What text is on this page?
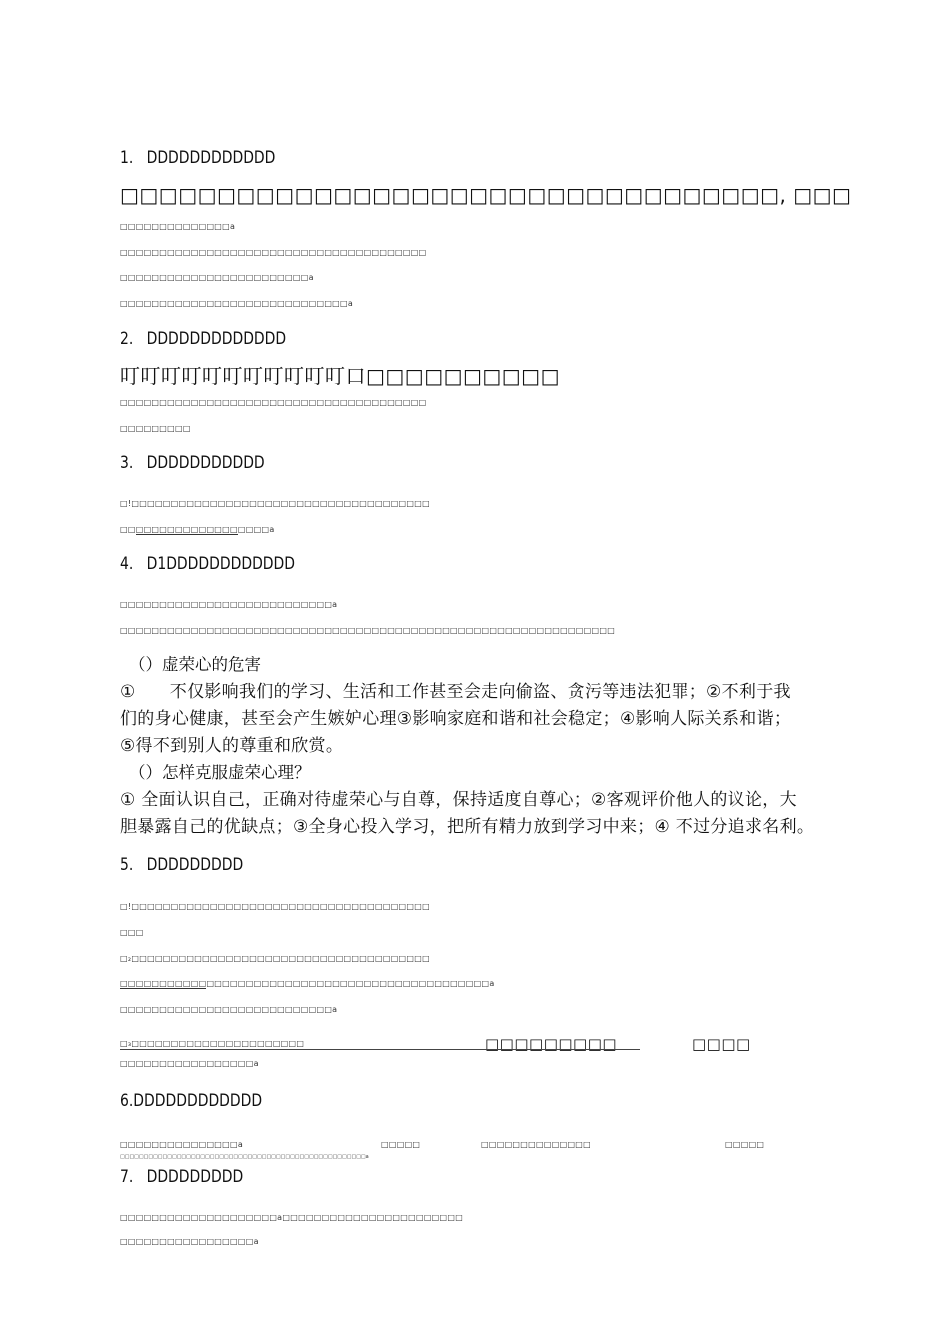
1.   DDDDDDDDDDDD
□□□□□□□□□□□□□□□□□□□□□□□□□□□□□□□□□□, □□□
□□□□□□□□□□□□□□a
□□□□□□□□□□□□□□□□□□□□□□□□□□□□□□□□□□□□□□□
□□□□□□□□□□□□□□□□□□□□□□□□a
□□□□□□□□□□□□□□□□□□□□□□□□□□□□□a
2.   DDDDDDDDDDDDD
叮叮叮叮叮叮叮叮叮叮叮口□□□□□□□□□□
□□□□□□□□□□□□□□□□□□□□□□□□□□□□□□□□□□□□□□□
□□□□□□□□□
3.   DDDDDDDDDDD
□!□□□□□□□□□□□□□□□□□□□□□□□□□□□□□□□□□□□□□□
□□□□□□□□□□□□□□□□□□□a
4.   D1DDDDDDDDDDDD
□□□□□□□□□□□□□□□□□□□□□□□□□□□a
□□□□□□□□□□□□□□□□□□□□□□□□□□□□□□□□□□□□□□□□□□□□□□□□□□□□□□□□□□□□□□□
（）虚荣心的危害
①      不仅影响我们的学习、生活和工作甚至会走向偷盗、贪污等违法犯罪；②不利于我
们的身心健康，甚至会产生嫉妒心理③影响家庭和谐和社会稳定；④影响人际关系和谐；
⑤得不到别人的尊重和欣赏。
（）怎样克服虚荣心理？
① 全面认识自己，正确对待虚荣心与自尊，保持适度自尊心；②客观评价他人的议论，大
胆暴露自己的优缺点；③全身心投入学习，把所有精力放到学习中来；④ 不过分追求名利。
5.   DDDDDDDDD
□!□□□□□□□□□□□□□□□□□□□□□□□□□□□□□□□□□□□□□□
□□□
□₂□□□□□□□□□□□□□□□□□□□□□□□□□□□□□□□□□□□□□□
□□□□□□□□□□□□□□□□□□□□□□□□□□□□□□□□□□□□□□□□□□□□□□□a
□□□□□□□□□□□□□□□□□□□□□□□□□□□a
□₃□□□□□□□□□□□□□□□□□□□□□□	□□□□□□□□□	□□□□
□□□□□□□□□□□□□□□□□a
6.DDDDDDDDDDDD
□□□□□□□□□□□□□□□a	□□□□□	□□□□□□□□□□□□□□	□□□□□
□□□□□□□□□□□□□□□□□□□□□□□□□□□□□□□□□□□□□□□□□□□□□□□□□□□□a
7.   DDDDDDDDD
□□□□□□□□□□□□□□□□□□□□a□□□□□□□□□□□□□□□□□□□□□□□
□□□□□□□□□□□□□□□□□a
